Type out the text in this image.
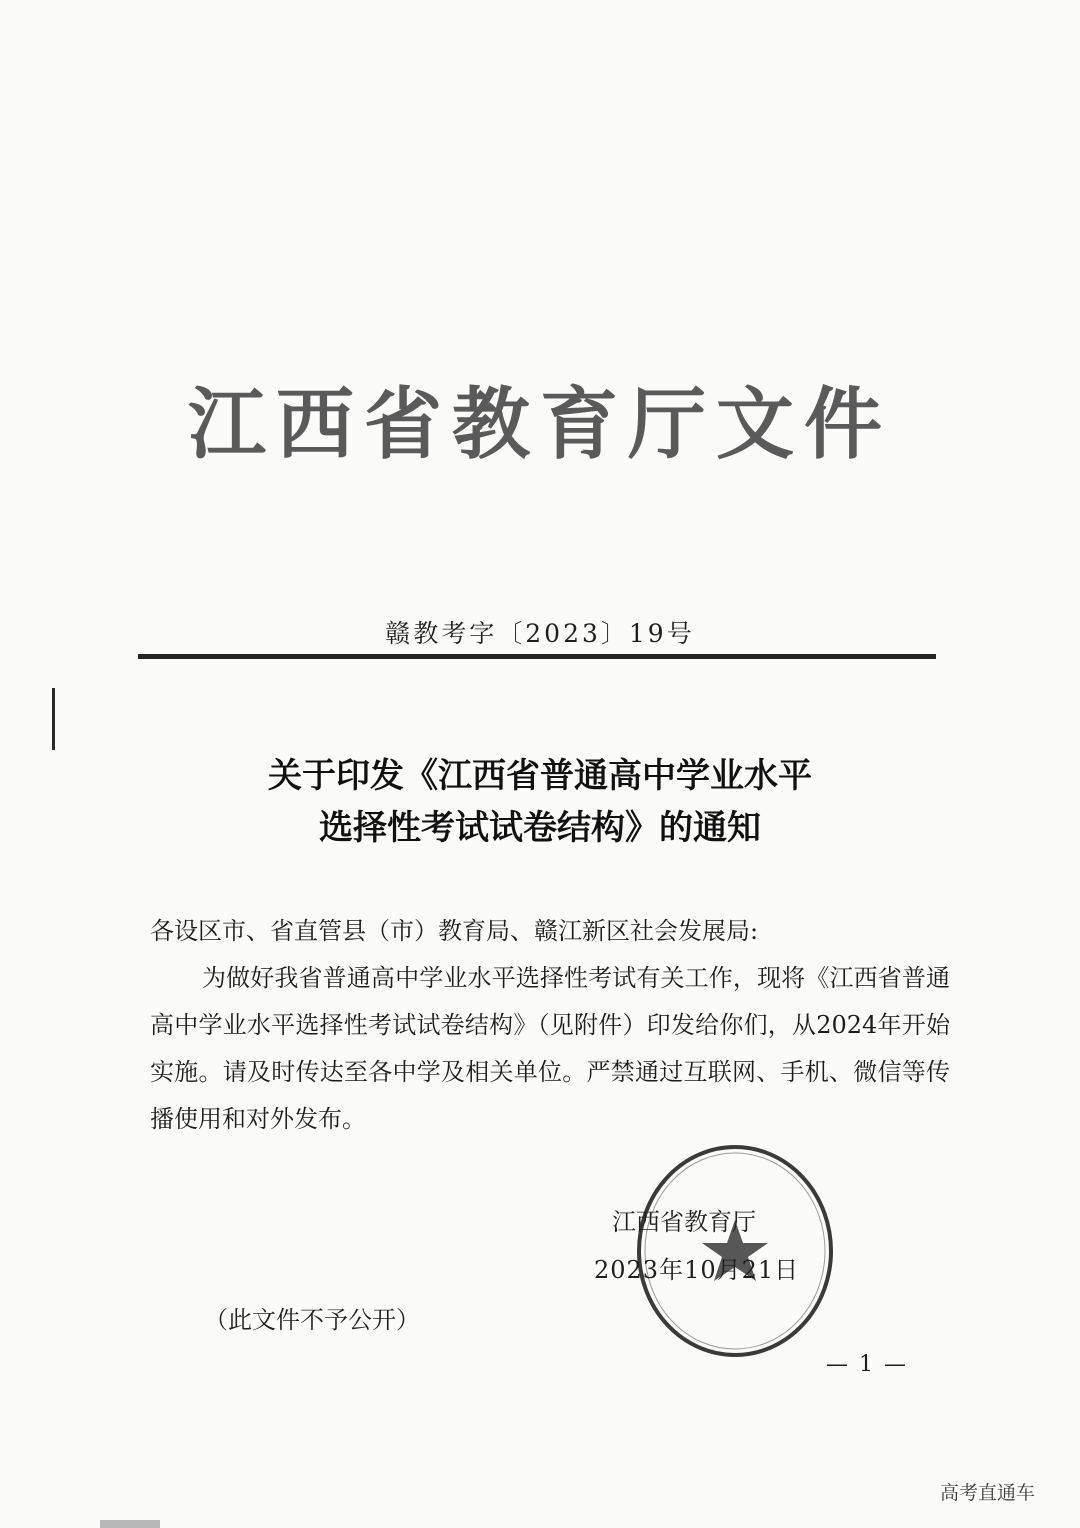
江西省教育厅文件
赣教考字〔2023〕19号
关于印发《江西省普通高中学业水平
选择性考试试卷结构》的通知

各设区市、省直管县（市）教育局、赣江新区社会发展局:

为做好我省普通高中学业水平选择性考试有关工作，现将《江西省普通高中学业水平选择性考试试卷结构》（见附件）印发给你们，从2024年开始实施。请及时传达至各中学及相关单位。严禁通过互联网、手机、微信等传播使用和对外发布。

江西省教育厅
2023年10月21日
（此文件不予公开）
— 1 —
高考直通车
